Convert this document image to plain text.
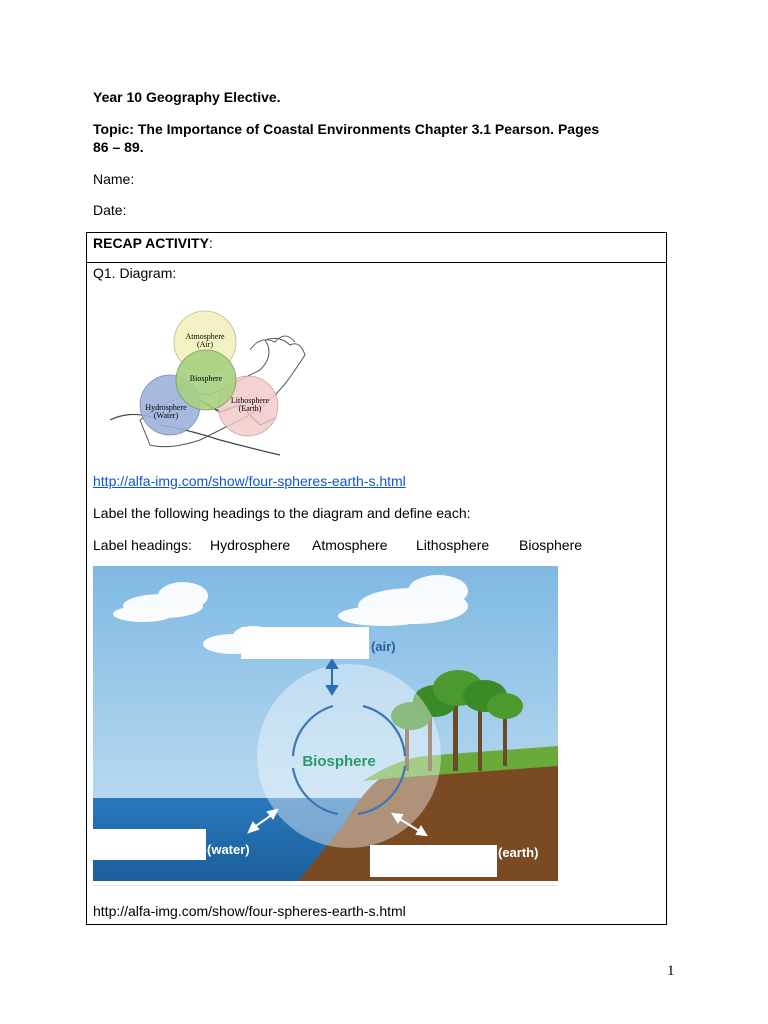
Year 10 Geography Elective.
Topic: The Importance of Coastal Environments Chapter 3.1 Pearson. Pages
86 – 89.
Name:
Date:
RECAP ACTIVITY:
Q1. Diagram:
Atmosphere
(Air)
Biosphere
Hydrosphere
(Water)
Lithosphere
(Earth)
http://alfa-img.com/show/four-spheres-earth-s.html
Label the following headings to the diagram and define each:
Label headings: Hydrosphere Atmosphere Lithosphere Biosphere
Biosphere
(air)
(water)	(earth)
http://alfa-img.com/show/four-spheres-earth-s.html
1
